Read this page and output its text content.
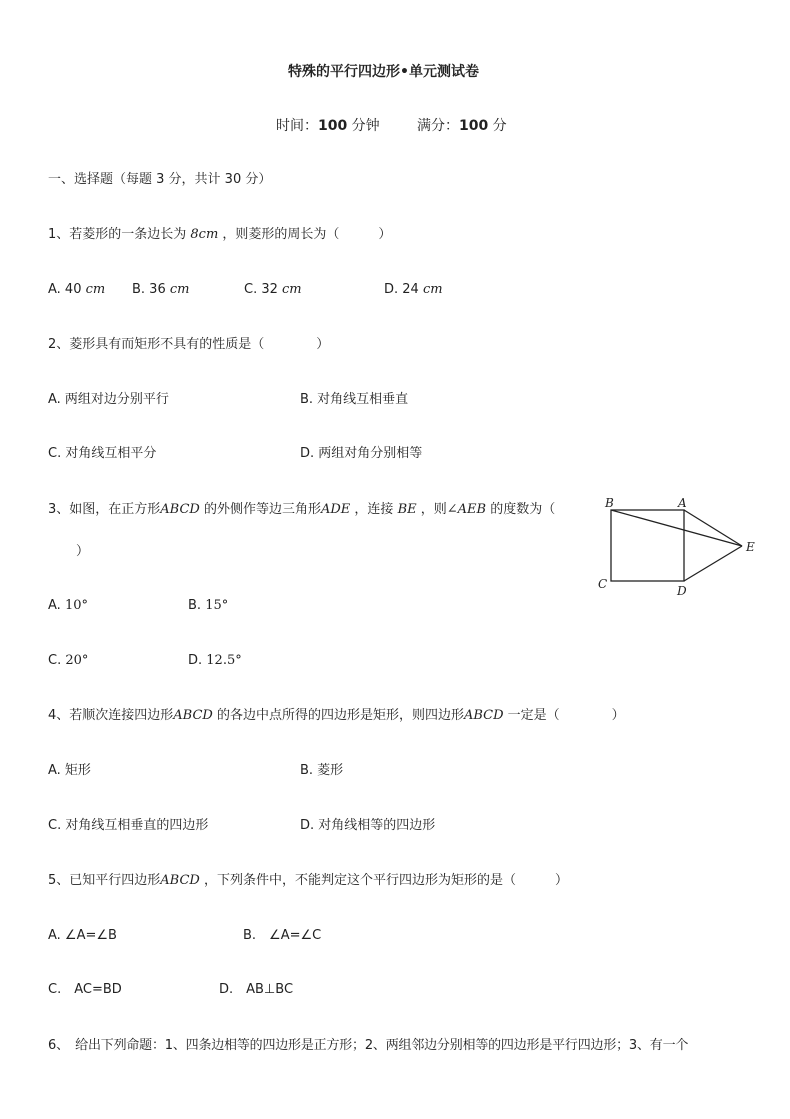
特殊的平行四边形•单元测试卷
时间：100 分钟	满分：100 分
一、选择题（每题 3 分，共计 30 分）
1、若菱形的一条边长为 8cm ，则菱形的周长为（　　　）
A. 40 cm B. 36 cm	C. 32 cm	D. 24 cm
2、菱形具有而矩形不具有的性质是（　　　　）
A. 两组对边分别平行	B. 对角线互相垂直
C. 对角线互相平分	D. 两组对角分别相等
3、如图，在正方形ABCD 的外侧作等边三角形ADE ，连接 BE ，则∠AEB 的度数为（
）
B	A
E
C	D
A. 10°	B. 15°
C. 20°	D. 12.5°
4、若顺次连接四边形ABCD 的各边中点所得的四边形是矩形，则四边形ABCD 一定是（　　　　）
A. 矩形	B. 菱形
C. 对角线互相垂直的四边形	D. 对角线相等的四边形
5、已知平行四边形ABCD ，下列条件中，不能判定这个平行四边形为矩形的是（　　　）
A. ∠A=∠B	B.　∠A=∠C
C.　AC=BD	D.　AB⊥BC
6、　给出下列命题：1、四条边相等的四边形是正方形；2、两组邻边分别相等的四边形是平行四边形；3、有一个
